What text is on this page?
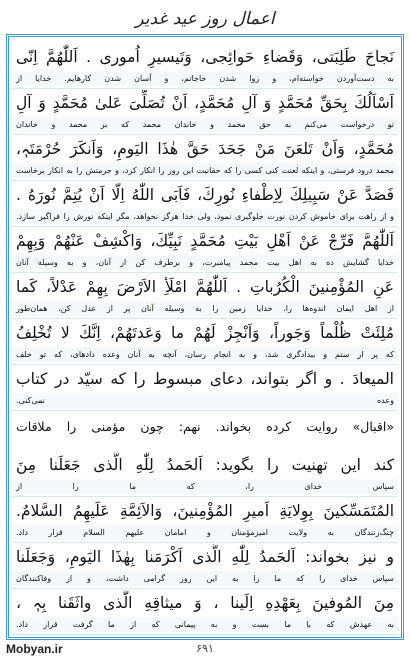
اعمال روز عید غدیر
نَجاحَ طَلِبَتی، وَقَضاءِ حَوائِجی، وَتَیسیرِ اُموری . اَللّٰهُمَّ اِنّی
به دست‌آوردن خواسته‌ام، و روا شدن حاجاتم، و آسان شدن کارهایم. خدایا از
اَسْاَلُكَ بِحَقِّ مُحَمَّدٍ وَ آلِ مُحَمَّدٍ، اَنْ تُصَلِّیَ عَلیٰ مُحَمَّدٍ وَ آلِ
تو درخواست می‌کنم به حق محمد و خاندان محمد که بر محمد و خاندان
مُحَمَّدٍ، وَاَنْ تَلعَنَ مَنْ جَحَدَ حَقَّ هٰذَا الیَومِ، وَاَنکَرَ حُرْمَتَہٖ،
محمد درود فرستی، و اینکه لعنت کنی کسی را که حقانیت این روز را انکار کرد، و حرمتش را به انکار برخاست
فَصَدَّ عَنْ سَبِیلِكَ لِاِطْفاءِ نُورِكَ، فَاَبَی اللّٰهُ اِلّا اَنْ یُتِمَّ نُورَهُ .
و از راهت برای خاموش کردن نورت جلوگیری نمود، ولی خدا هرگز نخواهد، مگر اینکه نورش را فراگیر سازد.
اَللّٰهُمَّ فَرِّجْ عَنْ اَهْلِ بَیْتِ مُحَمَّدٍ نَبِیِّكَ، وَاكْشِفْ عَنْهُمْ وَبِهِمْ
خدایا گشایش ده به اهل بیت محمد پیامبرت، و برطرف کن از آنان، و به وسیله آنان
عَنِ المُؤْمِنینَ الْكُرُباتِ . اَللّٰهُمَّ امْلَأِ الاَرْضَ بِهِمْ عَدْلاً، كَما
از اهل ایمان اندوه‌ها را. خدایا زمین را به وسیله آنان پر از عدل کن، همان‌طور
مُلِئَتْ ظُلْماً وَجَوراً، وَاَنْجِزْ لَهُمْ ما وَعَدتَهُمْ، اِنَّكَ لا تُخْلِفُ
که پر از ستم و بیدادگری شد، و به انجام رسان، آنچه به آنان وعده دادهای، که تو خلف
المیعادَ . و اگر بتواند، دعای مبسوط را که سیّد در کتاب
وعده نمی‌کنی.
«اقبال» روایت کرده بخواند. نهم: چون مؤمنی را ملاقات
کند این تهنیت را بگوید: اَلحَمدُ لِلّٰهِ الَّذی جَعَلَنا مِنَ
سپاس خدای را، که ما را از
المُتَمَسِّکینَ بِوِلایَةِ اَمیرِ المُؤْمِنینَ، وَالاَئِمَّةِ عَلَیهِمُ السَّلامُ.
چنگ‌زنندگان به ولایت امیرمؤمنان و امامان علیهم السلام قرار داد.
و نیز بخواند: اَلحَمدُ لِلّٰهِ الَّذی اَكْرَمَنا بِهٰذَا الیَومِ، وَجَعَلَنا
سپاس خدای را که ما را به این روز گرامی داشت، و از وفاکنندگان
مِنَ المُوفینَ بِعَهْدِهِ اِلَینا ، وَ میثاقِهِ الَّذی واثَقَنا بِہٖ ،
به عهدش که با ما بست و به پیمانی که از ما گرفت قرار داد.
Mobyan.ir	۶۹۱
